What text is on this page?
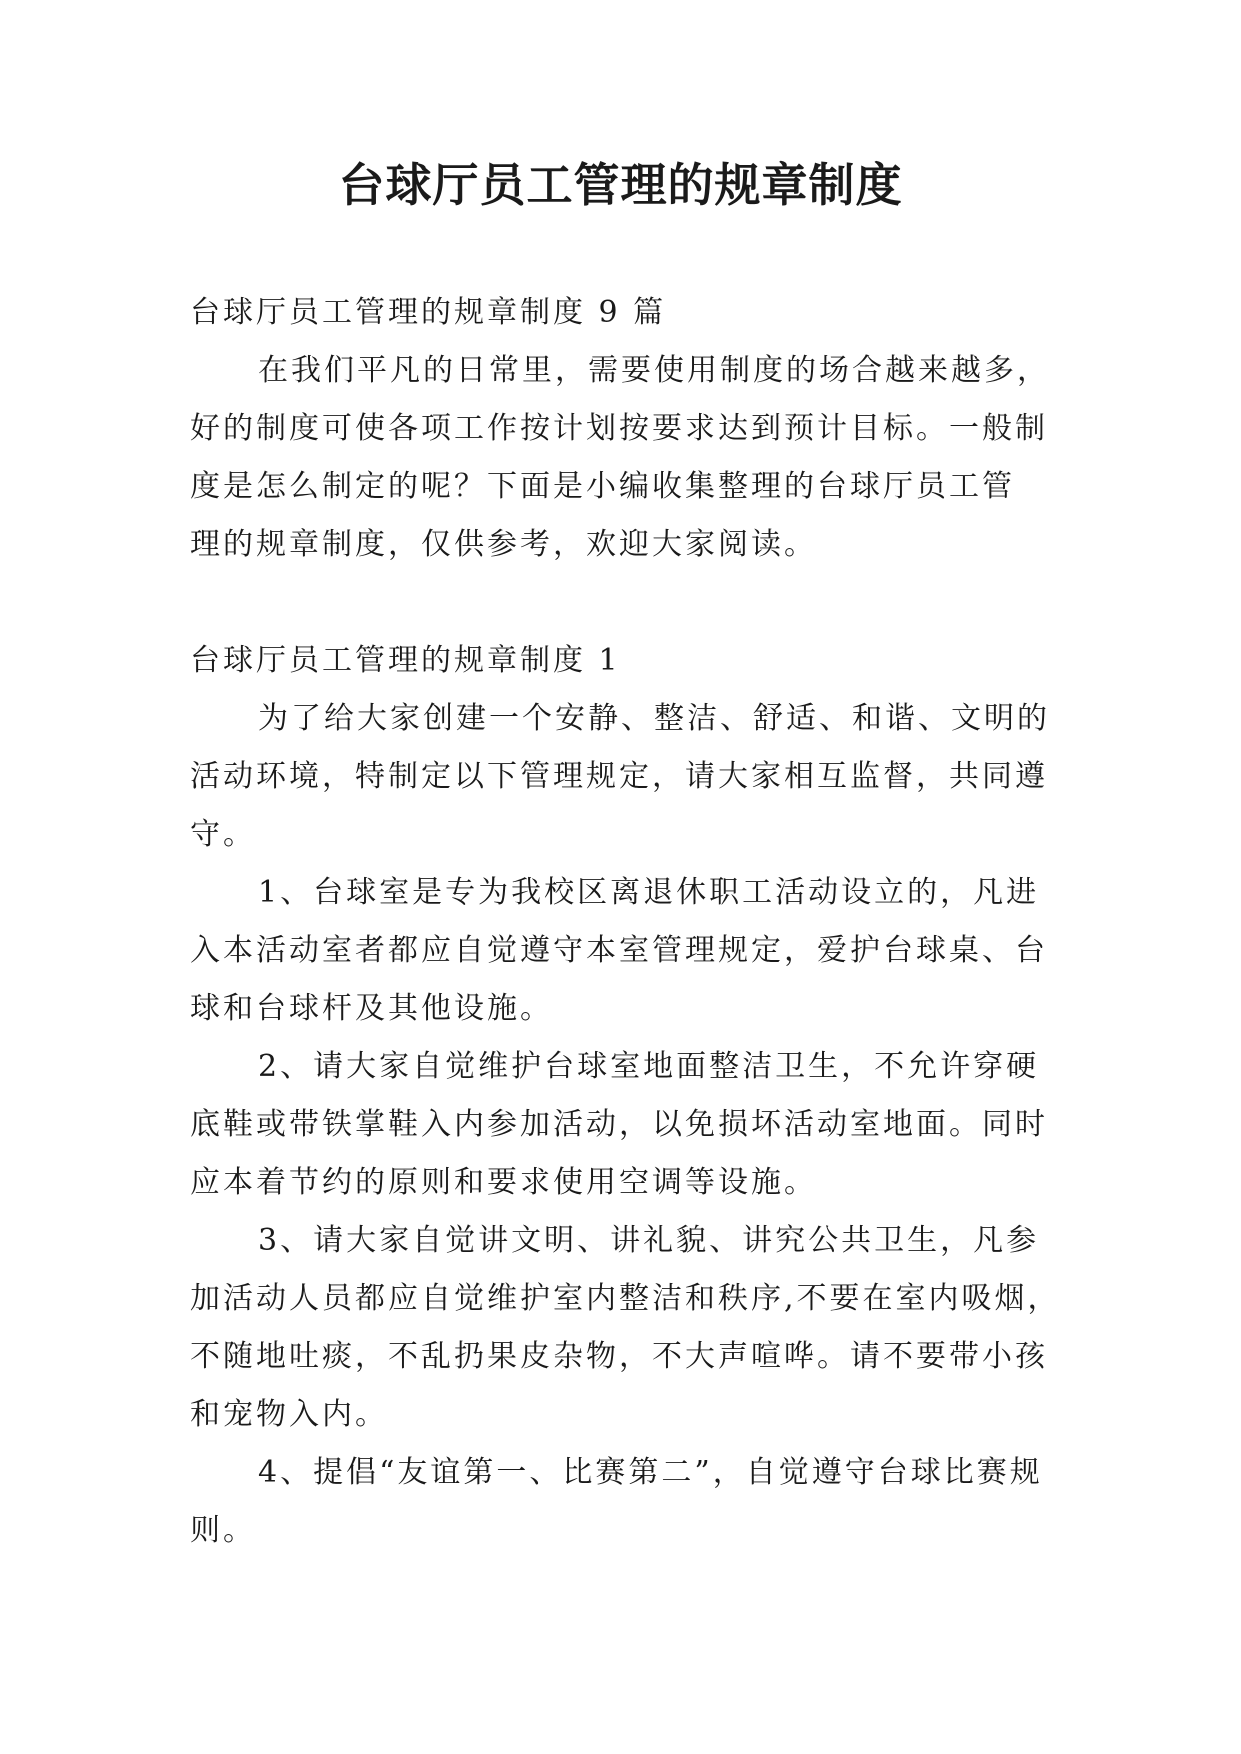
台球厅员工管理的规章制度
台球厅员工管理的规章制度 9 篇
在我们平凡的日常里，需要使用制度的场合越来越多，
好的制度可使各项工作按计划按要求达到预计目标。一般制
度是怎么制定的呢？下面是小编收集整理的台球厅员工管
理的规章制度，仅供参考，欢迎大家阅读。
台球厅员工管理的规章制度 1
为了给大家创建一个安静、整洁、舒适、和谐、文明的
活动环境，特制定以下管理规定，请大家相互监督，共同遵
守。
1、台球室是专为我校区离退休职工活动设立的，凡进
入本活动室者都应自觉遵守本室管理规定，爱护台球桌、台
球和台球杆及其他设施。
2、请大家自觉维护台球室地面整洁卫生，不允许穿硬
底鞋或带铁掌鞋入内参加活动，以免损坏活动室地面。同时
应本着节约的原则和要求使用空调等设施。
3、请大家自觉讲文明、讲礼貌、讲究公共卫生，凡参
加活动人员都应自觉维护室内整洁和秩序,不要在室内吸烟，
不随地吐痰，不乱扔果皮杂物，不大声喧哗。请不要带小孩
和宠物入内。
4、提倡“友谊第一、比赛第二”，自觉遵守台球比赛规
则。
